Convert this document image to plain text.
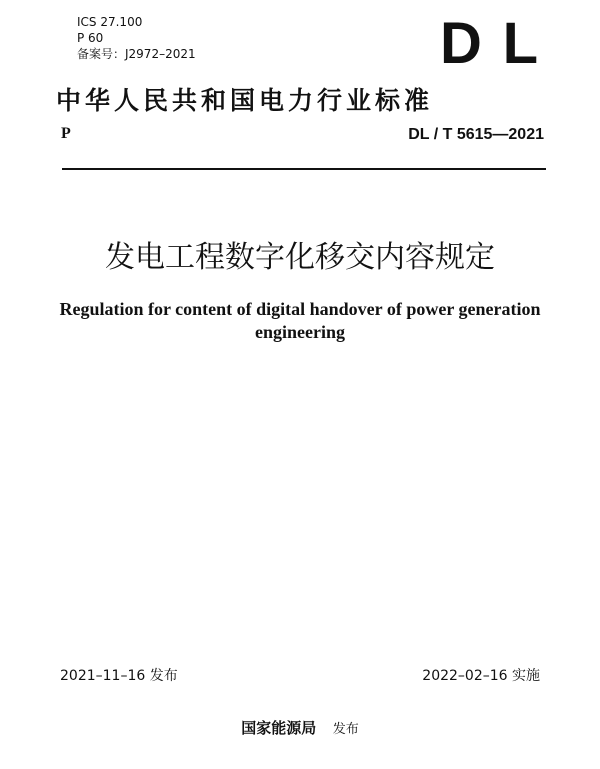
ICS 27.100
P 60
备案号：J2972–2021	D L
中华人民共和国电力行业标准
P	DL / T 5615—2021
发电工程数字化移交内容规定
Regulation for content of digital handover of power generation engineering
2021–11–16 发布	2022–02–16 实施
国家能源局 发布
